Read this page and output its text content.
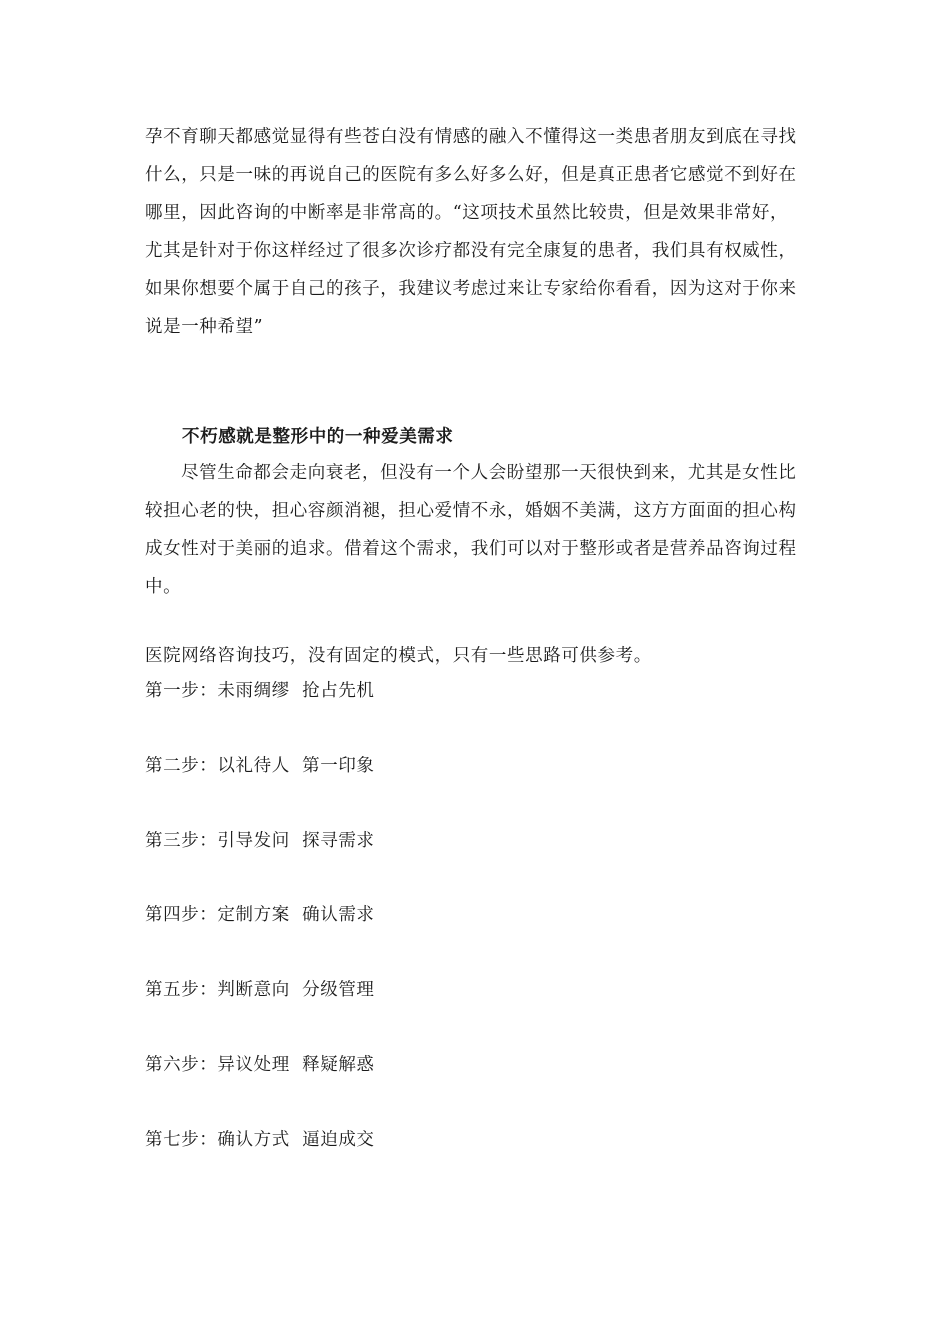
孕不育聊天都感觉显得有些苍白没有情感的融入不懂得这一类患者朋友到底在寻找什么，只是一味的再说自己的医院有多么好多么好，但是真正患者它感觉不到好在哪里，因此咨询的中断率是非常高的。“这项技术虽然比较贵，但是效果非常好，尤其是针对于你这样经过了很多次诊疗都没有完全康复的患者，我们具有权威性，如果你想要个属于自己的孩子，我建议考虑过来让专家给你看看，因为这对于你来说是一种希望”

不朽感就是整形中的一种爱美需求

尽管生命都会走向衰老，但没有一个人会盼望那一天很快到来，尤其是女性比较担心老的快，担心容颜消褪，担心爱情不永，婚姻不美满，这方方面面的担心构成女性对于美丽的追求。借着这个需求，我们可以对于整形或者是营养品咨询过程中。

医院网络咨询技巧，没有固定的模式，只有一些思路可供参考。

第一步：未雨绸缪  抢占先机
第二步：以礼待人  第一印象
第三步：引导发问  探寻需求
第四步：定制方案  确认需求
第五步：判断意向  分级管理
第六步：异议处理  释疑解惑
第七步：确认方式  逼迫成交
